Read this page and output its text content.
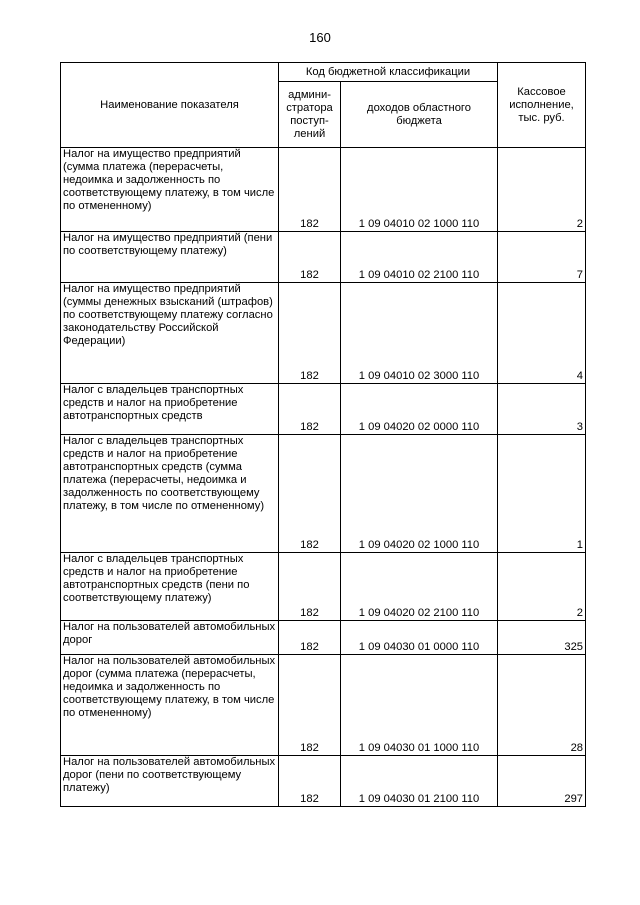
160
Наименование показателя	Код бюджетной классификации		Кассовое исполнение, тыс. руб.
	админи-стратора поступ-лений	доходов областного бюджета	
Налог на имущество предприятий (сумма платежа (перерасчеты, недоимка и задолженность по соответствующему платежу, в том числе по отмененному)	182	1 09 04010 02 1000 110	2
Налог на имущество предприятий (пени по соответствующему платежу)	182	1 09 04010 02 2100 110	7
Налог на имущество предприятий (суммы денежных взысканий (штрафов) по соответствующему платежу согласно законодательству Российской Федерации)	182	1 09 04010 02 3000 110	4
Налог с владельцев транспортных средств и налог на приобретение автотранспортных средств	182	1 09 04020 02 0000 110	3
Налог с владельцев транспортных средств и налог на приобретение автотранспортных средств (сумма платежа (перерасчеты, недоимка и задолженность по соответствующему платежу, в том числе по отмененному)	182	1 09 04020 02 1000 110	1
Налог с владельцев транспортных средств и налог на приобретение автотранспортных средств (пени по соответствующему платежу)	182	1 09 04020 02 2100 110	2
Налог на пользователей автомобильных дорог	182	1 09 04030 01 0000 110	325
Налог на пользователей автомобильных дорог (сумма платежа (перерасчеты, недоимка и задолженность по соответствующему платежу, в том числе по отмененному)	182	1 09 04030 01 1000 110	28
Налог на пользователей автомобильных дорог (пени по соответствующему платежу)	182	1 09 04030 01 2100 110	297
